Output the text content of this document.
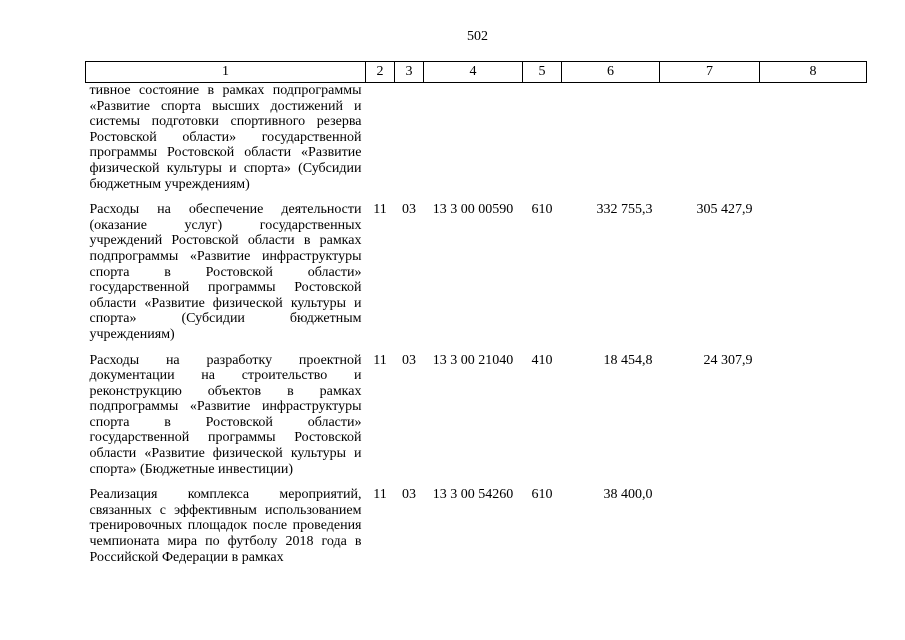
502
1	2	3	4	5	6	7	8
тивное состояние в рамках подпрограммы «Развитие спорта высших достижений и системы подготовки спортивного резерва Ростовской области» государственной программы Ростовской области «Развитие физической культуры и спорта» (Субсидии бюджетным учреждениям)							
Расходы на обеспечение деятельности (оказание услуг) государственных учреждений Ростовской области в рамках подпрограммы «Развитие инфраструктуры спорта в Ростовской области» государственной программы Ростовской области «Развитие физической культуры и спорта» (Субсидии бюджетным учреждениям)	11	03	13 3 00 00590	610	332 755,3	305 427,9	
Расходы на разработку проектной документации на строительство и реконструкцию объектов в рамках подпрограммы «Развитие инфраструктуры спорта в Ростовской области» государственной программы Ростовской области «Развитие физической культуры и спорта» (Бюджетные инвестиции)	11	03	13 3 00 21040	410	18 454,8	24 307,9	
Реализация комплекса мероприятий, связанных с эффективным использованием тренировочных площадок после проведения чемпионата мира по футболу 2018 года в Российской Федерации в рамках	11	03	13 3 00 54260	610	38 400,0		
